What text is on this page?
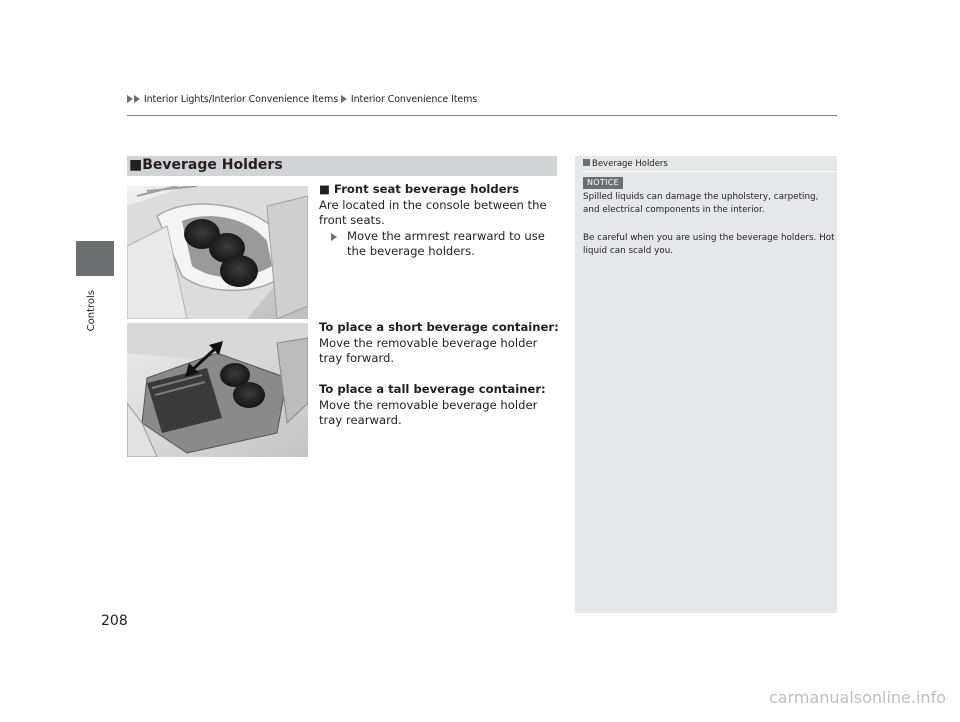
Interior Lights/Interior Convenience Items Interior Convenience Items
Controls
208
■Beverage Holders
■ Front seat beverage holders
Are located in the console between the front seats.
Move the armrest rearward to use the beverage holders.
To place a short beverage container:
Move the removable beverage holder tray forward.
To place a tall beverage container: Move the removable beverage holder tray rearward.
Beverage Holders
NOTICE
Spilled liquids can damage the upholstery, carpeting, and electrical components in the interior.
Be careful when you are using the beverage holders. Hot liquid can scald you.
carmanualsonline.info
